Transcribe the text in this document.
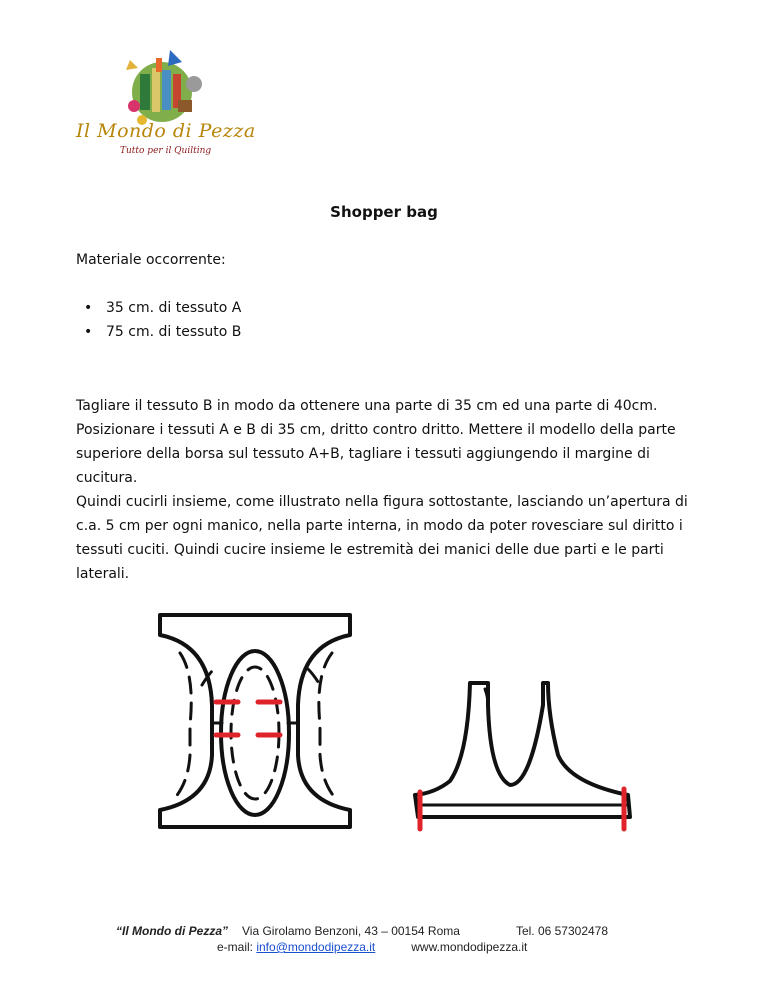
Il Mondo di Pezza
Tutto per il Quilting
Shopper bag

Materiale occorrente:

• 35 cm. di tessuto A
• 75 cm. di tessuto B

Tagliare il tessuto B in modo da ottenere una parte di 35 cm ed una parte di 40cm. Posizionare i tessuti A e B di 35 cm, dritto contro dritto. Mettere il modello della parte superiore della borsa sul tessuto A+B, tagliare i tessuti aggiungendo il margine di cucitura.

Quindi cucirli insieme, come illustrato nella figura sottostante, lasciando un’apertura di c.a. 5 cm per ogni manico, nella parte interna, in modo da poter rovesciare sul diritto i tessuti cuciti. Quindi cucire insieme le estremità dei manici delle due parti e le parti laterali.

“Il Mondo di Pezza” Via Girolamo Benzoni, 43 – 00154 Roma	Tel. 06 57302478
e-mail: info@mondodipezza.it	www.mondodipezza.it
